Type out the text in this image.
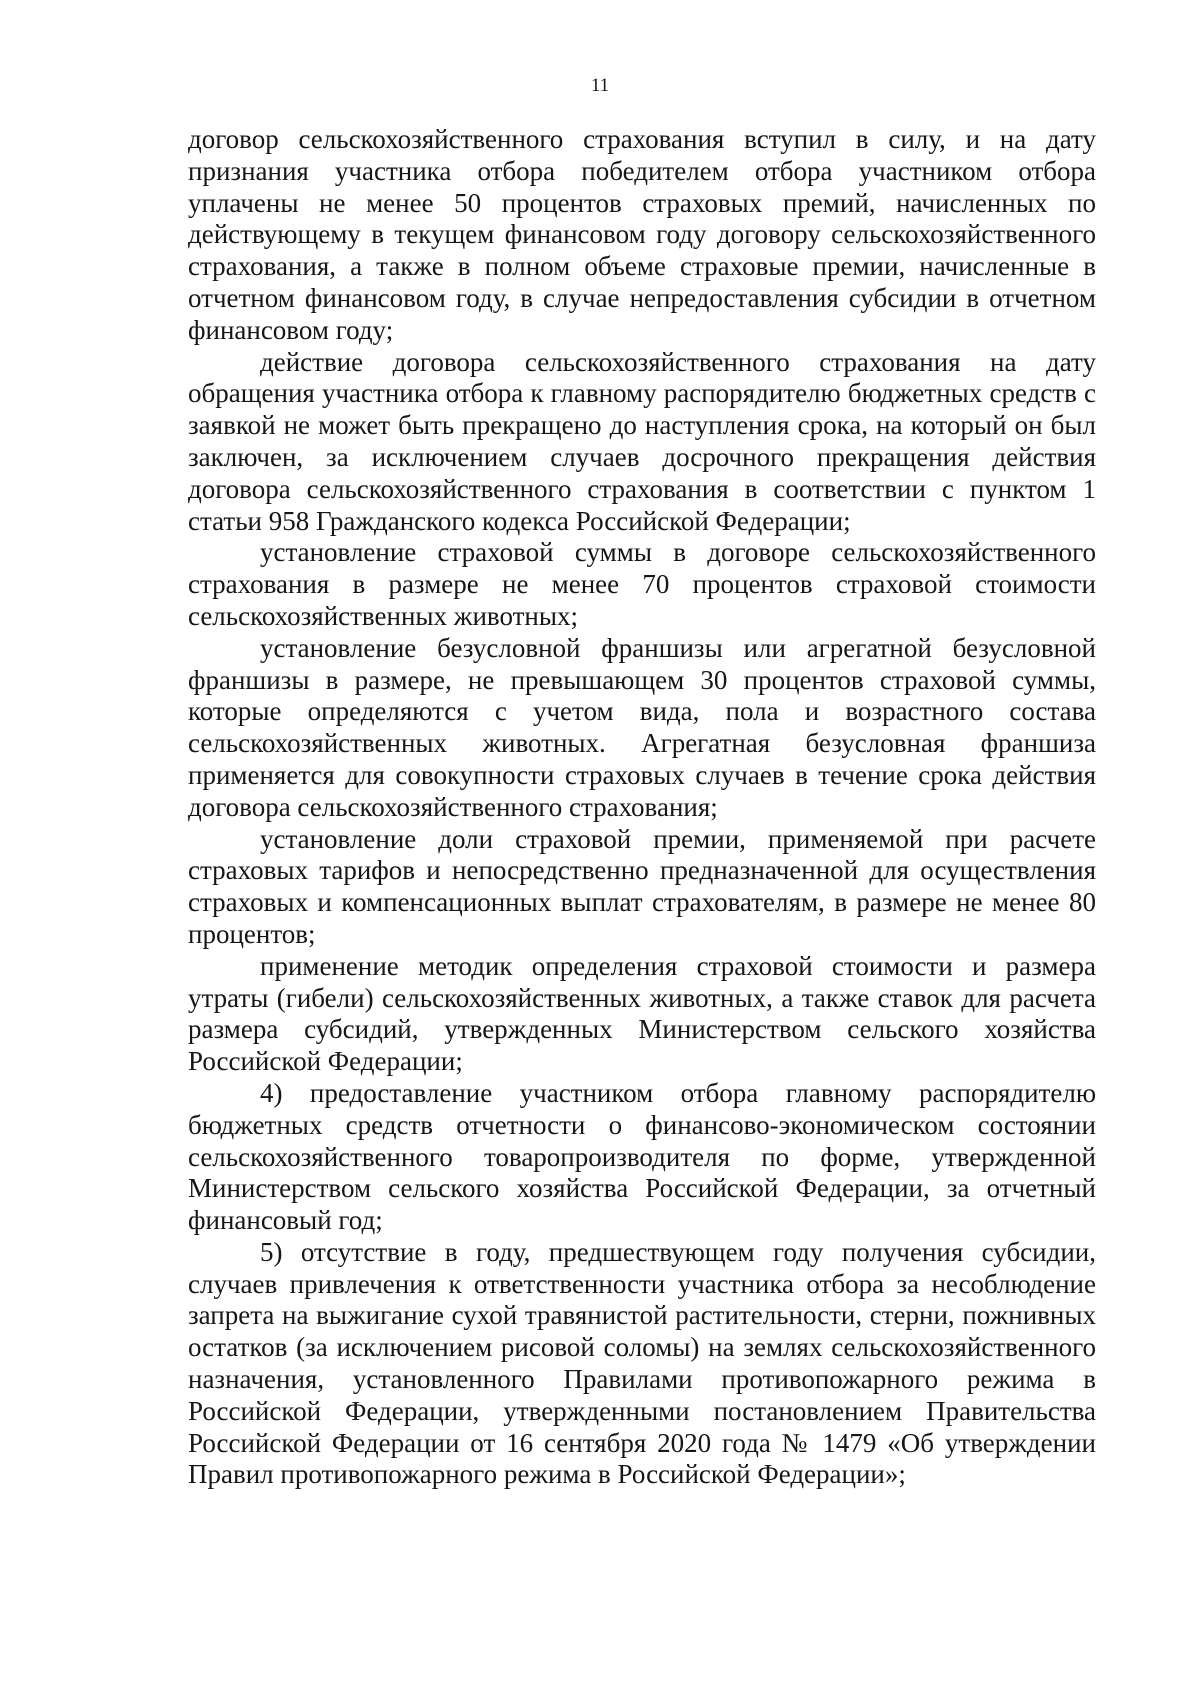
11

договор сельскохозяйственного страхования вступил в силу, и на дату признания участника отбора победителем отбора участником отбора уплачены не менее 50 процентов страховых премий, начисленных по действующему в текущем финансовом году договору сельскохозяйственного страхования, а также в полном объеме страховые премии, начисленные в отчетном финансовом году, в случае непредоставления субсидии в отчетном финансовом году;

действие договора сельскохозяйственного страхования на дату обращения участника отбора к главному распорядителю бюджетных средств с заявкой не может быть прекращено до наступления срока, на который он был заключен, за исключением случаев досрочного прекращения действия договора сельскохозяйственного страхования в соответствии с пунктом 1 статьи 958 Гражданского кодекса Российской Федерации;

установление страховой суммы в договоре сельскохозяйственного страхования в размере не менее 70 процентов страховой стоимости сельскохозяйственных животных;

установление безусловной франшизы или агрегатной безусловной франшизы в размере, не превышающем 30 процентов страховой суммы, которые определяются с учетом вида, пола и возрастного состава сельскохозяйственных животных. Агрегатная безусловная франшиза применяется для совокупности страховых случаев в течение срока действия договора сельскохозяйственного страхования;

установление доли страховой премии, применяемой при расчете страховых тарифов и непосредственно предназначенной для осуществления страховых и компенсационных выплат страхователям, в размере не менее 80 процентов;

применение методик определения страховой стоимости и размера утраты (гибели) сельскохозяйственных животных, а также ставок для расчета размера субсидий, утвержденных Министерством сельского хозяйства Российской Федерации;

4) предоставление участником отбора главному распорядителю бюджетных средств отчетности о финансово-экономическом состоянии сельскохозяйственного товаропроизводителя по форме, утвержденной Министерством сельского хозяйства Российской Федерации, за отчетный финансовый год;

5) отсутствие в году, предшествующем году получения субсидии, случаев привлечения к ответственности участника отбора за несоблюдение запрета на выжигание сухой травянистой растительности, стерни, пожнивных остатков (за исключением рисовой соломы) на землях сельскохозяйственного назначения, установленного Правилами противопожарного режима в Российской Федерации, утвержденными постановлением Правительства Российской Федерации от 16 сентября 2020 года № 1479 «Об утверждении Правил противопожарного режима в Российской Федерации»;
